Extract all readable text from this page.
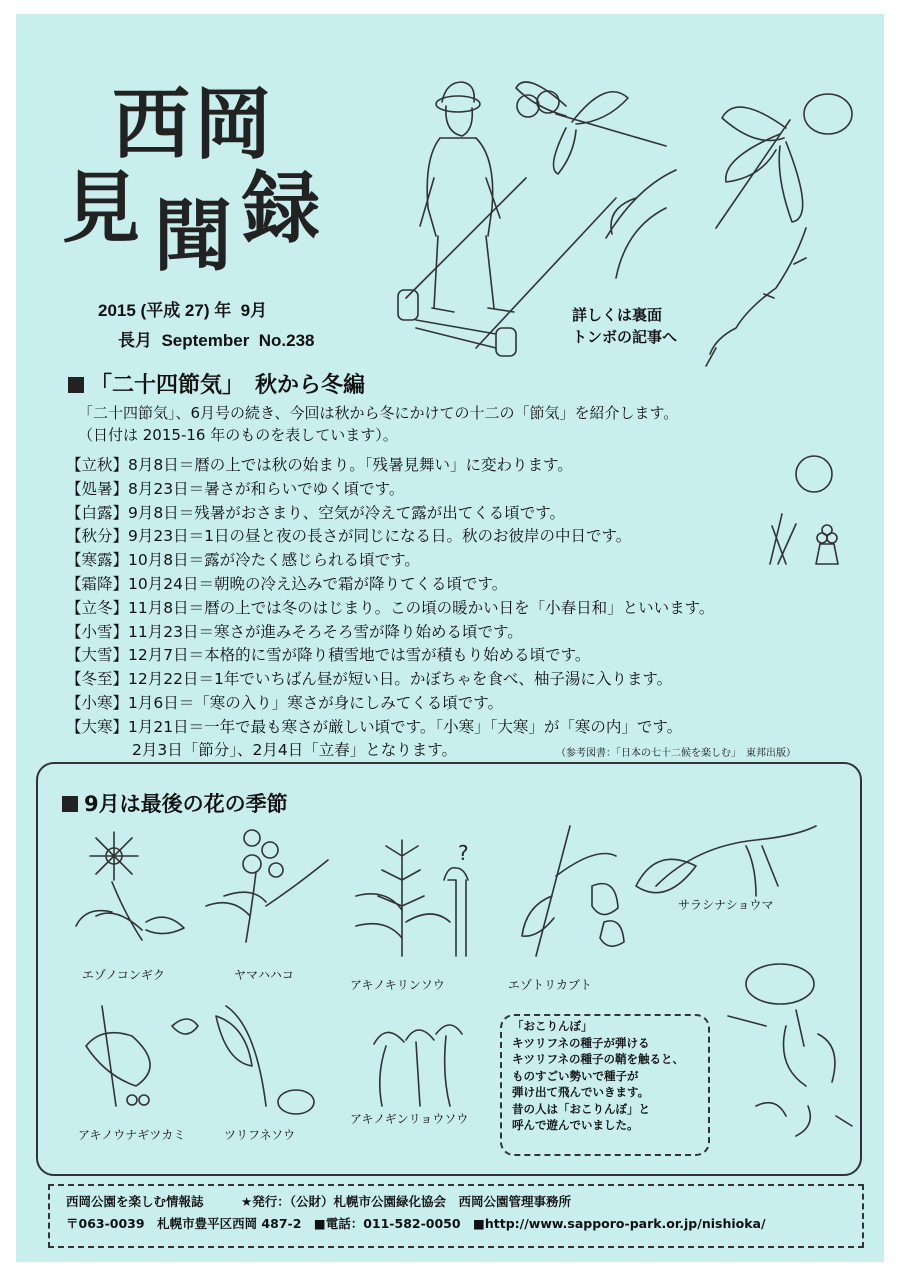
西 岡
見 聞 録
2015 (平成 27) 年  9月
長月  September  No.238
詳しくは裏面
トンボの記事へ
「二十四節気」　秋から冬編
「二十四節気」、6月号の続き、今回は秋から冬にかけての十二の「節気」を紹介します。
（日付は 2015-16 年のものを表しています）。
【立秋】8月8日＝暦の上では秋の始まり。「残暑見舞い」に変わります。
【処暑】8月23日＝暑さが和らいでゆく頃です。
【白露】9月8日＝残暑がおさまり、空気が冷えて露が出てくる頃です。
【秋分】9月23日＝1日の昼と夜の長さが同じになる日。秋のお彼岸の中日です。
【寒露】10月8日＝露が冷たく感じられる頃です。
【霜降】10月24日＝朝晩の冷え込みで霜が降りてくる頃です。
【立冬】11月8日＝暦の上では冬のはじまり。この頃の暖かい日を「小春日和」といいます。
【小雪】11月23日＝寒さが進みそろそろ雪が降り始める頃です。
【大雪】12月7日＝本格的に雪が降り積雪地では雪が積もり始める頃です。
【冬至】12月22日＝1年でいちばん昼が短い日。かぼちゃを食べ、柚子湯に入ります。
【小寒】1月6日＝「寒の入り」寒さが身にしみてくる頃です。
【大寒】1月21日＝一年で最も寒さが厳しい頃です。「小寒」「大寒」が「寒の内」です。
2月3日「節分」、2月4日「立春」となります。	（参考図書：「日本の七十二候を楽しむ」　東邦出版）
9月は最後の花の季節
?
エゾノコンギク	ヤマハハコ
アキノキリンソウ	エゾトリカブト
サラシナショウマ
アキノウナギツカミ	ツリフネソウ
アキノギンリョウソウ
「おこりんぼ」
キツリフネの種子が弾ける
キツリフネの種子の鞘を触ると、
ものすごい勢いで種子が
弾け出て飛んでいきます。
昔の人は「おこりんぼ」と
呼んで遊んでいました。
西岡公園を楽しむ情報誌　　　★発行：（公財）札幌市公園緑化協会　西岡公園管理事務所
〒063-0039　札幌市豊平区西岡 487-2　■電話：011-582-0050　■http://www.sapporo-park.or.jp/nishioka/
